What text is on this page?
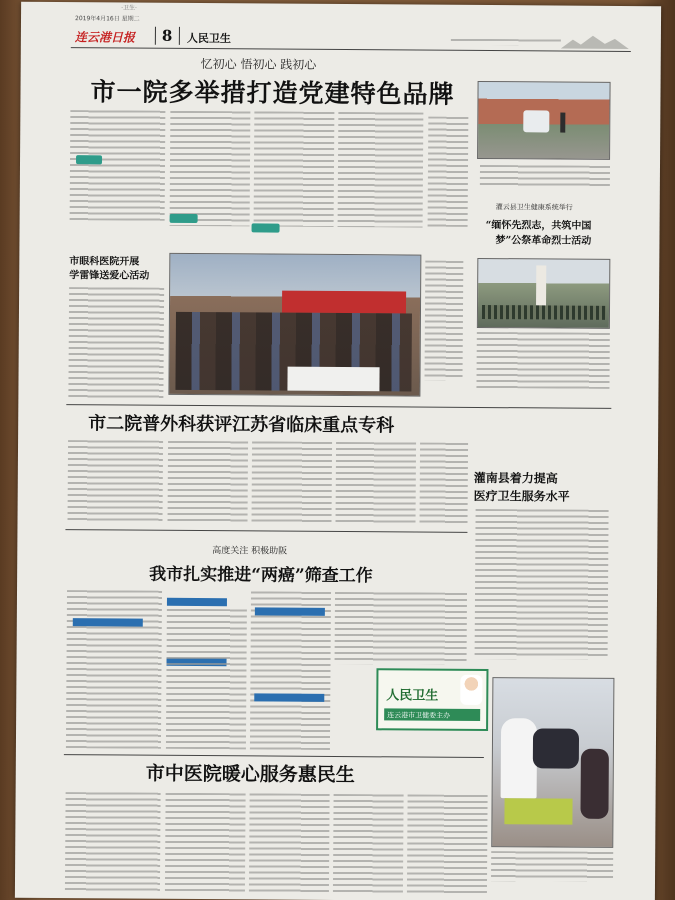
·卫生·
2019年4月16日 星期二
连云港日报 8 人民卫生
忆初心 悟初心 践初心
市一院多举措打造党建特色品牌
灌云县卫生健康系统举行
“缅怀先烈志，共筑中国
梦”公祭革命烈士活动
市眼科医院开展
学雷锋送爱心活动
市二院普外科获评江苏省临床重点专科
灌南县着力提高
医疗卫生服务水平
高度关注 积极助阪
我市扎实推进“两癌”筛查工作
人民卫生
连云港市卫健委主办
市中医院暖心服务惠民生
